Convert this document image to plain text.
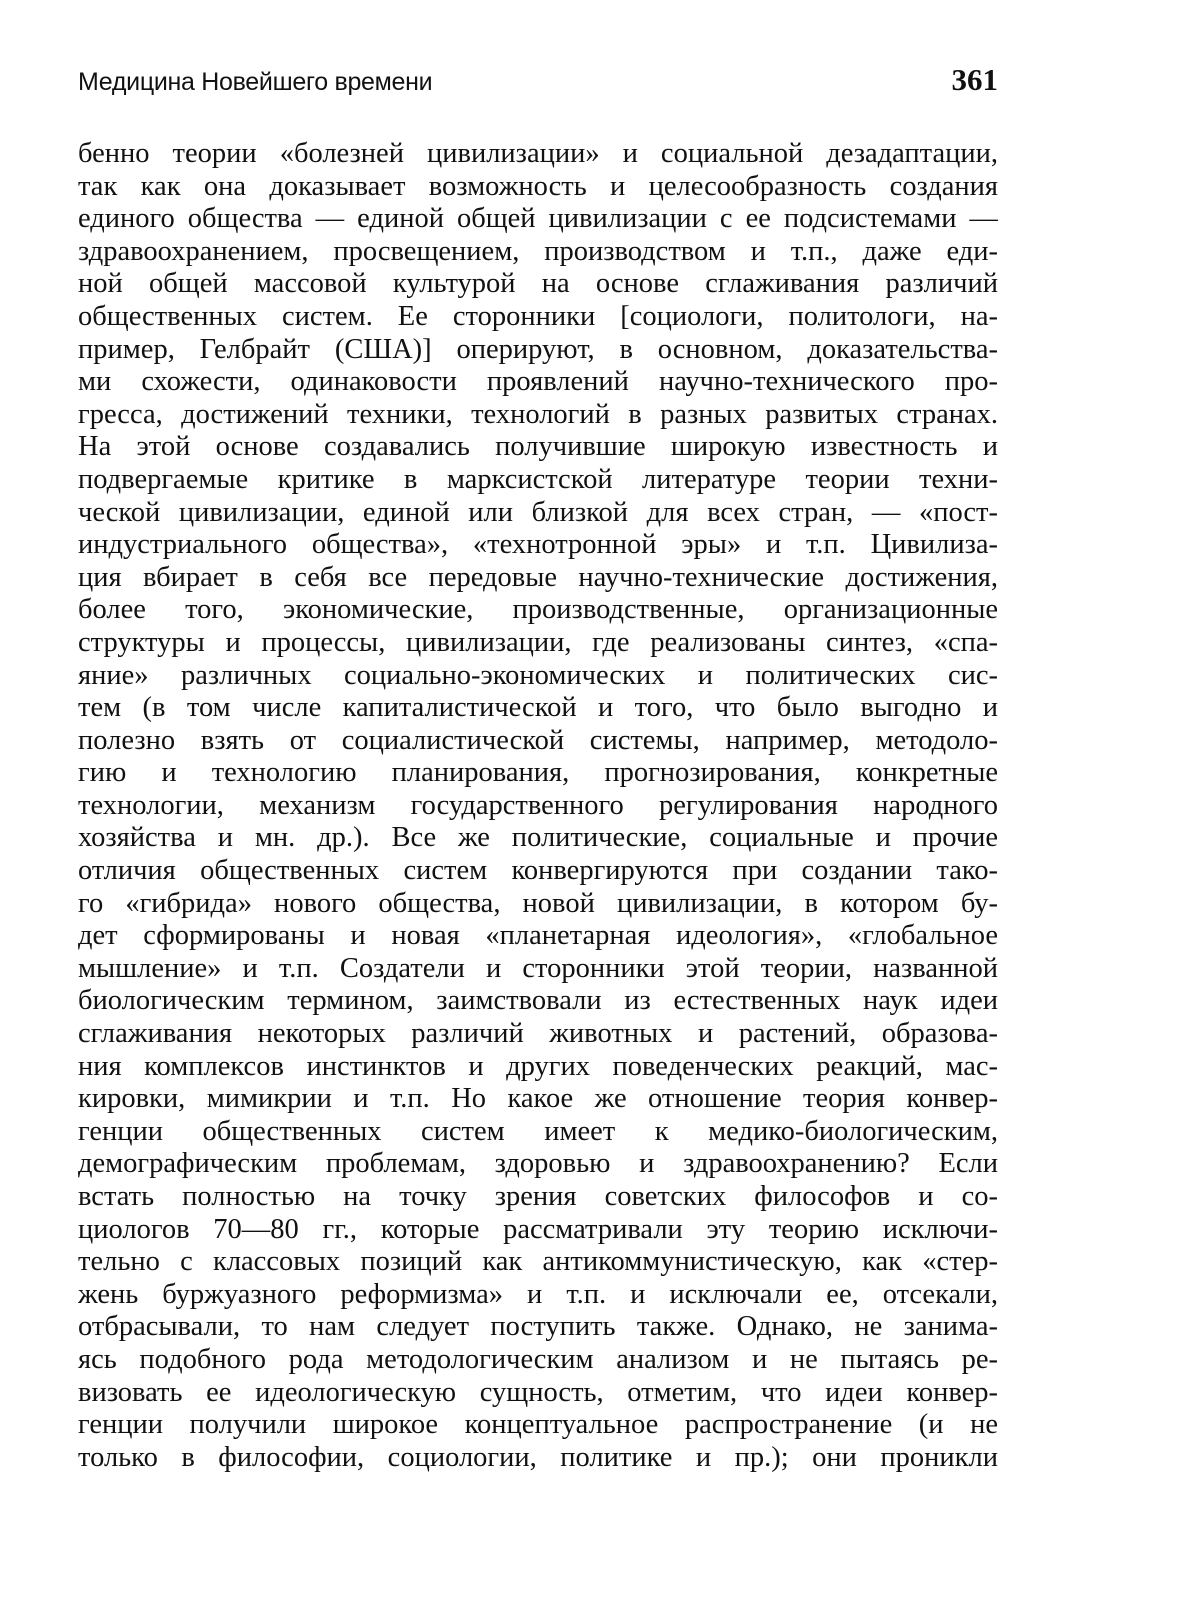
Медицина Новейшего времени	361
бенно теории «болезней цивилизации» и социальной дезадаптации,
так как она доказывает возможность и целесообразность создания
единого общества — единой общей цивилизации с ее подсистемами —
здравоохранением, просвещением, производством и т.п., даже еди-
ной общей массовой культурой на основе сглаживания различий
общественных систем. Ее сторонники [социологи, политологи, на-
пример, Гелбрайт (США)] оперируют, в основном, доказательства-
ми схожести, одинаковости проявлений научно-технического про-
гресса, достижений техники, технологий в разных развитых странах.
На этой основе создавались получившие широкую известность и
подвергаемые критике в марксистской литературе теории техни-
ческой цивилизации, единой или близкой для всех стран, — «пост-
индустриального общества», «технотронной эры» и т.п. Цивилиза-
ция вбирает в себя все передовые научно-технические достижения,
более того, экономические, производственные, организационные
структуры и процессы, цивилизации, где реализованы синтез, «спа-
яние» различных социально-экономических и политических сис-
тем (в том числе капиталистической и того, что было выгодно и
полезно взять от социалистической системы, например, методоло-
гию и технологию планирования, прогнозирования, конкретные
технологии, механизм государственного регулирования народного
хозяйства и мн. др.). Все же политические, социальные и прочие
отличия общественных систем конвергируются при создании тако-
го «гибрида» нового общества, новой цивилизации, в котором бу-
дет сформированы и новая «планетарная идеология», «глобальное
мышление» и т.п. Создатели и сторонники этой теории, названной
биологическим термином, заимствовали из естественных наук идеи
сглаживания некоторых различий животных и растений, образова-
ния комплексов инстинктов и других поведенческих реакций, мас-
кировки, мимикрии и т.п. Но какое же отношение теория конвер-
генции общественных систем имеет к медико-биологическим,
демографическим проблемам, здоровью и здравоохранению? Если
встать полностью на точку зрения советских философов и со-
циологов 70—80 гг., которые рассматривали эту теорию исключи-
тельно с классовых позиций как антикоммунистическую, как «стер-
жень буржуазного реформизма» и т.п. и исключали ее, отсекали,
отбрасывали, то нам следует поступить также. Однако, не занима-
ясь подобного рода методологическим анализом и не пытаясь ре-
визовать ее идеологическую сущность, отметим, что идеи конвер-
генции получили широкое концептуальное распространение (и не
только в философии, социологии, политике и пр.); они проникли
